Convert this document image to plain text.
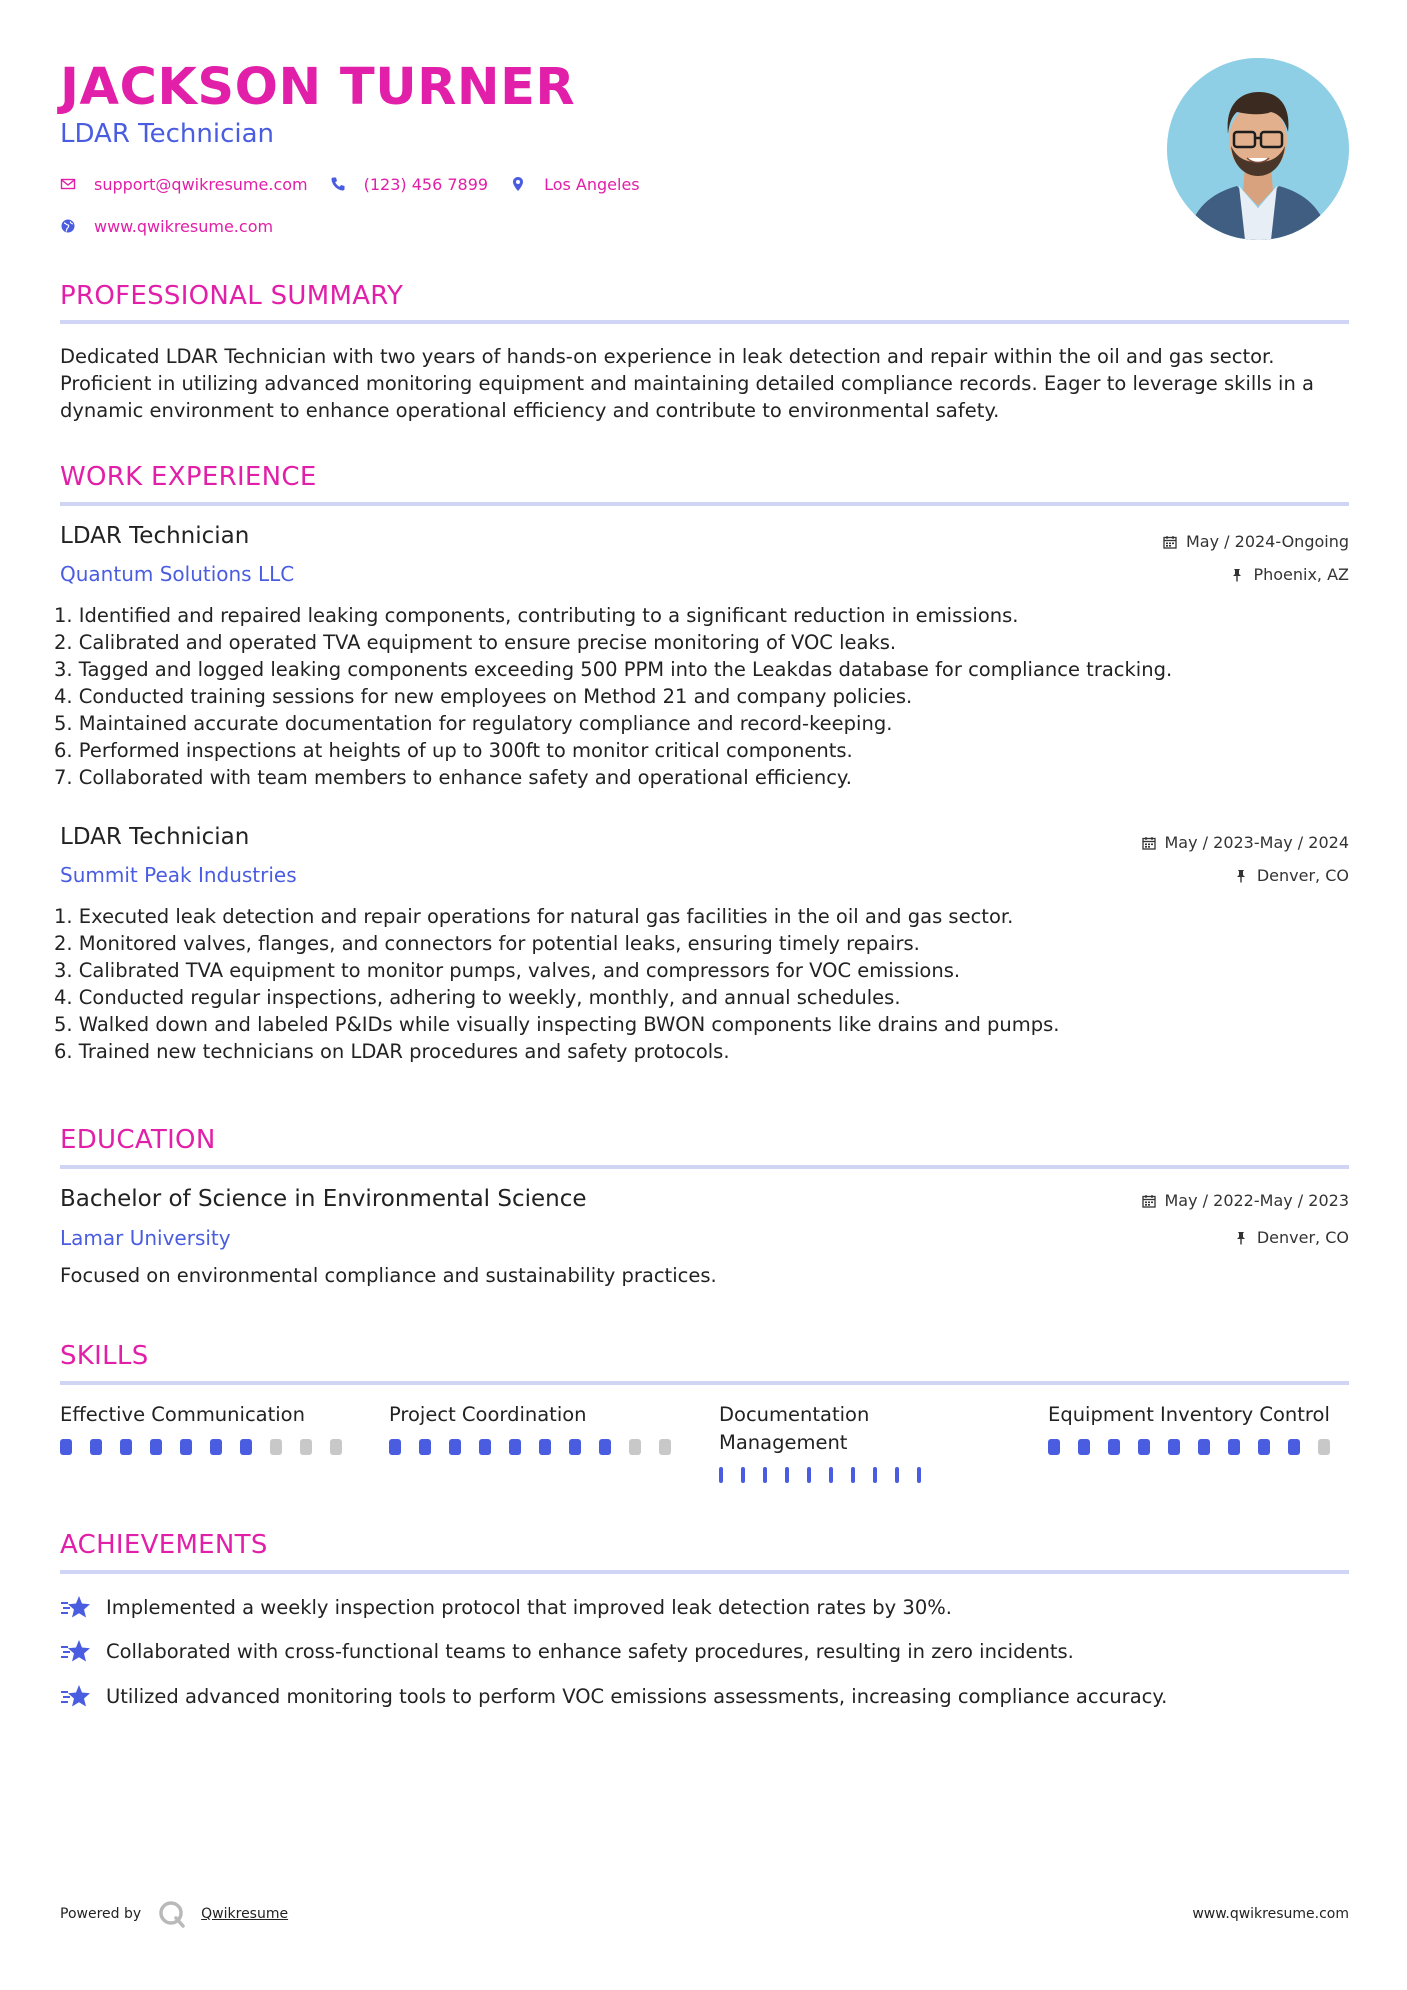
JACKSON TURNER
LDAR Technician
support@qwikresume.com	(123) 456 7899	Los Angeles
www.qwikresume.com
PROFESSIONAL SUMMARY
Dedicated LDAR Technician with two years of hands-on experience in leak detection and repair within the oil and gas sector. Proficient in utilizing advanced monitoring equipment and maintaining detailed compliance records. Eager to leverage skills in a dynamic environment to enhance operational efficiency and contribute to environmental safety.
WORK EXPERIENCE
LDAR Technician
Quantum Solutions LLC
May / 2024-Ongoing
Phoenix, AZ
1. Identified and repaired leaking components, contributing to a significant reduction in emissions.
2. Calibrated and operated TVA equipment to ensure precise monitoring of VOC leaks.
3. Tagged and logged leaking components exceeding 500 PPM into the Leakdas database for compliance tracking.
4. Conducted training sessions for new employees on Method 21 and company policies.
5. Maintained accurate documentation for regulatory compliance and record-keeping.
6. Performed inspections at heights of up to 300ft to monitor critical components.
7. Collaborated with team members to enhance safety and operational efficiency.
LDAR Technician
Summit Peak Industries
May / 2023-May / 2024
Denver, CO
1. Executed leak detection and repair operations for natural gas facilities in the oil and gas sector.
2. Monitored valves, flanges, and connectors for potential leaks, ensuring timely repairs.
3. Calibrated TVA equipment to monitor pumps, valves, and compressors for VOC emissions.
4. Conducted regular inspections, adhering to weekly, monthly, and annual schedules.
5. Walked down and labeled P&IDs while visually inspecting BWON components like drains and pumps.
6. Trained new technicians on LDAR procedures and safety protocols.
EDUCATION
Bachelor of Science in Environmental Science
Lamar University
May / 2022-May / 2023
Denver, CO
Focused on environmental compliance and sustainability practices.
SKILLS
Effective Communication	Project Coordination	Documentation Management
Equipment Inventory Control
ACHIEVEMENTS
Implemented a weekly inspection protocol that improved leak detection rates by 30%.
Collaborated with cross-functional teams to enhance safety procedures, resulting in zero incidents.
Utilized advanced monitoring tools to perform VOC emissions assessments, increasing compliance accuracy.
Powered by	Qwikresume	www.qwikresume.com
